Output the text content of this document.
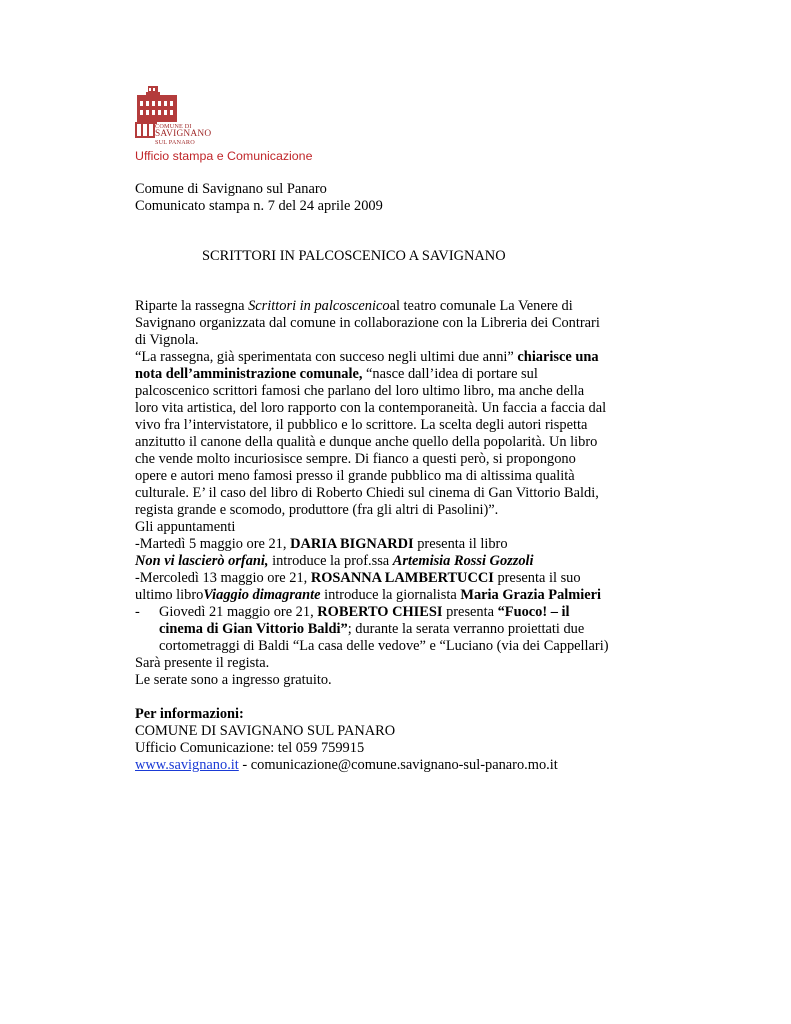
COMUNE DI
SAVIGNANO
SUL PANARO
Ufficio stampa e Comunicazione
Comune di Savignano sul Panaro
Comunicato stampa n. 7 del 24 aprile 2009
SCRITTORI IN PALCOSCENICO A SAVIGNANO
Riparte la rassegna Scrittori in palcoscenicoal teatro comunale La Venere di
Savignano organizzata dal comune in collaborazione con la Libreria dei Contrari
di Vignola.
“La rassegna, già sperimentata con succeso negli ultimi due anni” chiarisce una
nota dell’amministrazione comunale, “nasce dall’idea di portare sul
palcoscenico scrittori famosi che parlano del loro ultimo libro, ma anche della
loro vita artistica, del loro rapporto con la contemporaneità. Un faccia a faccia dal
vivo fra l’intervistatore, il pubblico e lo scrittore. La scelta degli autori rispetta
anzitutto il canone della qualità e dunque anche quello della popolarità. Un libro
che vende molto incuriosisce sempre. Di fianco a questi però, si propongono
opere e autori meno famosi presso il grande pubblico ma di altissima qualità
culturale. E’ il caso del libro di Roberto Chiedi sul cinema di Gan Vittorio Baldi,
regista grande e scomodo, produttore (fra gli altri di Pasolini)”.
Gli appuntamenti
-Martedì 5 maggio ore 21, DARIA BIGNARDI presenta il libro
Non vi lascierò orfani, introduce la prof.ssa Artemisia Rossi Gozzoli
-Mercoledì 13 maggio ore 21, ROSANNA LAMBERTUCCI presenta il suo
ultimo libroViaggio dimagrante introduce la giornalista Maria Grazia Palmieri
- Giovedì 21 maggio ore 21, ROBERTO CHIESI presenta “Fuoco! – il
cinema di Gian Vittorio Baldi”; durante la serata verranno proiettati due
cortometraggi di Baldi “La casa delle vedove” e “Luciano (via dei Cappellari)
Sarà presente il regista.
Le serate sono a ingresso gratuito.
Per informazioni:
COMUNE DI SAVIGNANO SUL PANARO
Ufficio Comunicazione: tel 059 759915
www.savignano.it - comunicazione@comune.savignano-sul-panaro.mo.it
